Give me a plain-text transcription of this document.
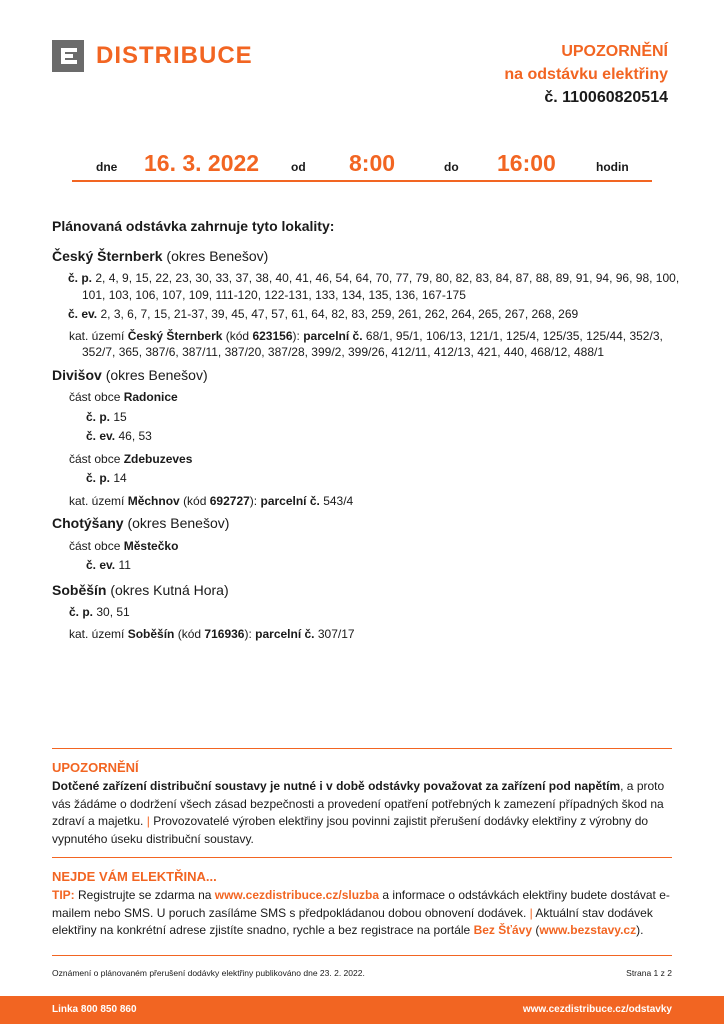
DISTRIBUCE	UPOZORNĚNÍ
na odstávku elektřiny
č. 110060820514
dne 16. 3. 2022	od 8:00	do 16:00	hodin
Plánovaná odstávka zahrnuje tyto lokality:
Český Šternberk (okres Benešov)
č. p. 2, 4, 9, 15, 22, 23, 30, 33, 37, 38, 40, 41, 46, 54, 64, 70, 77, 79, 80, 82, 83, 84, 87, 88, 89, 91, 94, 96, 98, 100, 101, 103, 106, 107, 109, 111-120, 122-131, 133, 134, 135, 136, 167-175
č. ev. 2, 3, 6, 7, 15, 21-37, 39, 45, 47, 57, 61, 64, 82, 83, 259, 261, 262, 264, 265, 267, 268, 269
kat. území Český Šternberk (kód 623156): parcelní č. 68/1, 95/1, 106/13, 121/1, 125/4, 125/35, 125/44, 352/3, 352/7, 365, 387/6, 387/11, 387/20, 387/28, 399/2, 399/26, 412/11, 412/13, 421, 440, 468/12, 488/1
Divišov (okres Benešov)
část obce Radonice
č. p. 15
č. ev. 46, 53
část obce Zdebuzeves
č. p. 14
kat. území Měchnov (kód 692727): parcelní č. 543/4
Chotýšany (okres Benešov)
část obce Městečko
č. ev. 11
Soběšín (okres Kutná Hora)
č. p. 30, 51
kat. území Soběšín (kód 716936): parcelní č. 307/17
UPOZORNĚNÍ
Dotčené zařízení distribuční soustavy je nutné i v době odstávky považovat za zařízení pod napětím, a proto vás žádáme o dodržení všech zásad bezpečnosti a provedení opatření potřebných k zamezení případných škod na zdraví a majetku. | Provozovatelé výroben elektřiny jsou povinni zajistit přerušení dodávky elektřiny z výrobny do vypnutého úseku distribuční soustavy.
NEJDE VÁM ELEKTŘINA...
TIP: Registrujte se zdarma na www.cezdistribuce.cz/sluzba a informace o odstávkách elektřiny budete dostávat e-mailem nebo SMS. U poruch zasíláme SMS s předpokládanou dobou obnovení dodávek. | Aktuální stav dodávek elektřiny na konkrétní adrese zjistíte snadno, rychle a bez registrace na portále Bez Šťávy (www.bezstavy.cz).
Oznámení o plánovaném přerušení dodávky elektřiny publikováno dne 23. 2. 2022.	Strana 1 z 2
Linka 800 850 860	www.cezdistribuce.cz/odstavky
